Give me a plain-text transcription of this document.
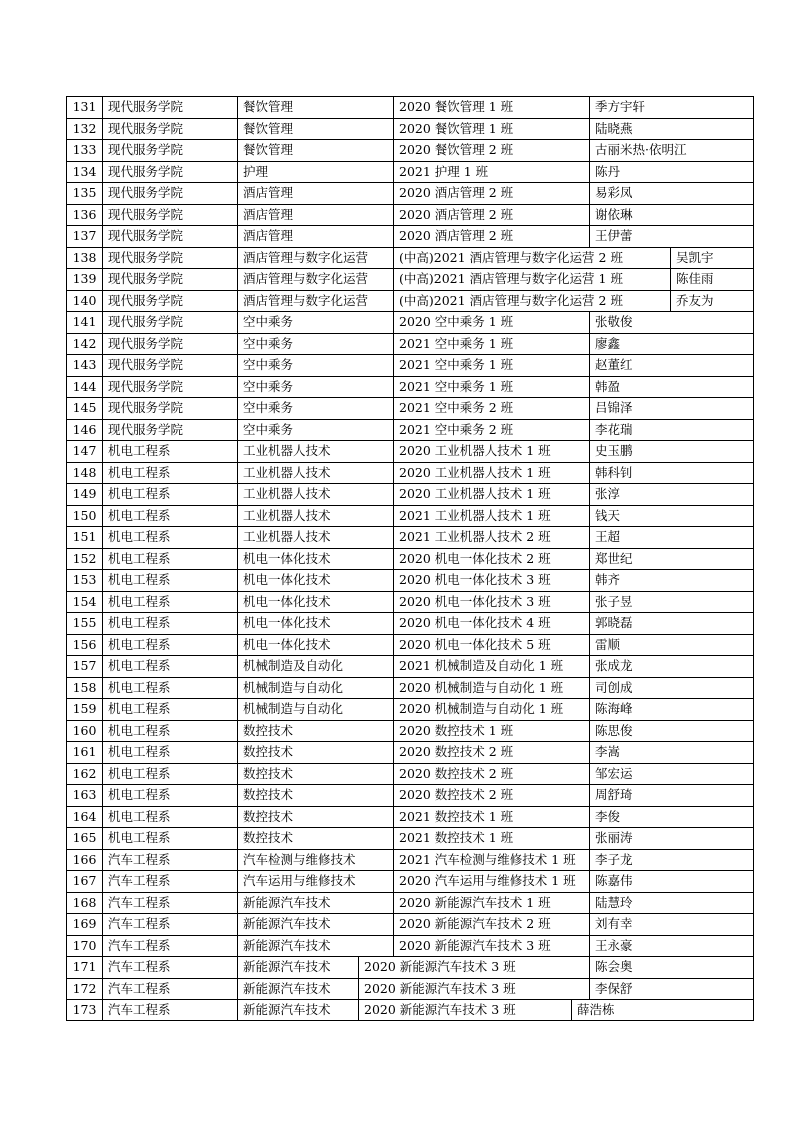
131 现代服务学院	餐饮管理	2020 餐饮管理 1 班	季方宇轩
132 现代服务学院	餐饮管理	2020 餐饮管理 1 班	陆晓燕
133 现代服务学院	餐饮管理	2020 餐饮管理 2 班	古丽米热·依明江
134 现代服务学院	护理	2021 护理 1 班	陈丹
135 现代服务学院	酒店管理	2020 酒店管理 2 班	易彩凤
136 现代服务学院	酒店管理	2020 酒店管理 2 班	谢依琳
137 现代服务学院	酒店管理	2020 酒店管理 2 班	王伊蕾
138 现代服务学院	酒店管理与数字化运营	(中高)2021 酒店管理与数字化运营 2 班	吴凯宇
139 现代服务学院	酒店管理与数字化运营	(中高)2021 酒店管理与数字化运营 1 班	陈佳雨
140 现代服务学院	酒店管理与数字化运营	(中高)2021 酒店管理与数字化运营 2 班	乔友为
141 现代服务学院	空中乘务	2020 空中乘务 1 班	张敬俊
142 现代服务学院	空中乘务	2021 空中乘务 1 班	廖鑫
143 现代服务学院	空中乘务	2021 空中乘务 1 班	赵董红
144 现代服务学院	空中乘务	2021 空中乘务 1 班	韩盈
145 现代服务学院	空中乘务	2021 空中乘务 2 班	吕锦泽
146 现代服务学院	空中乘务	2021 空中乘务 2 班	李花瑞
147 机电工程系	工业机器人技术	2020 工业机器人技术 1 班	史玉鹏
148 机电工程系	工业机器人技术	2020 工业机器人技术 1 班	韩科钊
149 机电工程系	工业机器人技术	2020 工业机器人技术 1 班	张淳
150 机电工程系	工业机器人技术	2021 工业机器人技术 1 班	钱天
151 机电工程系	工业机器人技术	2021 工业机器人技术 2 班	王超
152 机电工程系	机电一体化技术	2020 机电一体化技术 2 班	郑世纪
153 机电工程系	机电一体化技术	2020 机电一体化技术 3 班	韩齐
154 机电工程系	机电一体化技术	2020 机电一体化技术 3 班	张子昱
155 机电工程系	机电一体化技术	2020 机电一体化技术 4 班	郭晓磊
156 机电工程系	机电一体化技术	2020 机电一体化技术 5 班	雷顺
157 机电工程系	机械制造及自动化	2021 机械制造及自动化 1 班	张成龙
158 机电工程系	机械制造与自动化	2020 机械制造与自动化 1 班	司创成
159 机电工程系	机械制造与自动化	2020 机械制造与自动化 1 班	陈海峰
160 机电工程系	数控技术	2020 数控技术 1 班	陈思俊
161 机电工程系	数控技术	2020 数控技术 2 班	李嵩
162 机电工程系	数控技术	2020 数控技术 2 班	邹宏运
163 机电工程系	数控技术	2020 数控技术 2 班	周舒琦
164 机电工程系	数控技术	2021 数控技术 1 班	李俊
165 机电工程系	数控技术	2021 数控技术 1 班	张丽涛
166 汽车工程系	汽车检测与维修技术	2021 汽车检测与维修技术 1 班	李子龙
167 汽车工程系	汽车运用与维修技术	2020 汽车运用与维修技术 1 班	陈嘉伟
168 汽车工程系	新能源汽车技术	2020 新能源汽车技术 1 班	陆慧玲
169 汽车工程系	新能源汽车技术	2020 新能源汽车技术 2 班	刘有幸
170 汽车工程系	新能源汽车技术	2020 新能源汽车技术 3 班	王永豪
171 汽车工程系	新能源汽车技术	2020 新能源汽车技术 3 班	陈会奥
172 汽车工程系	新能源汽车技术	2020 新能源汽车技术 3 班	李保舒
173 汽车工程系	新能源汽车技术	2020 新能源汽车技术 3 班	薛浩栋
